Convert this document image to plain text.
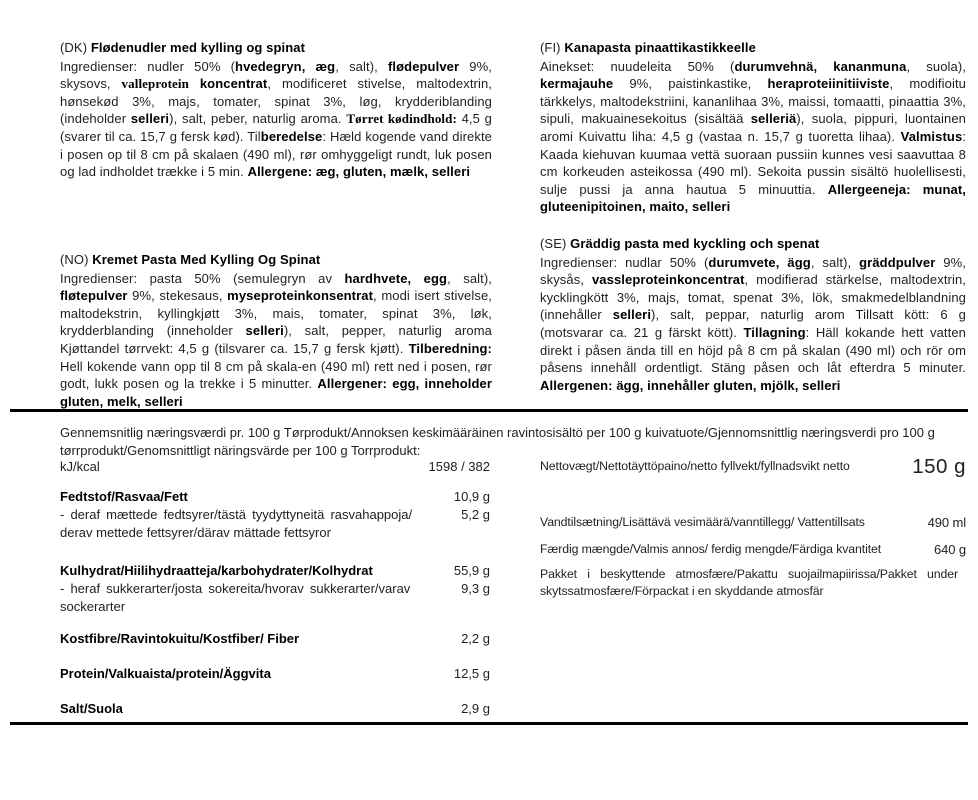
(DK) Flødenudler med kylling og spinat
Ingredienser: nudler 50% (hvedegryn, æg, salt), flødepulver 9%, skysovs, valleprotein koncentrat, modificeret stivelse, maltodextrin, hønsekød 3%, majs, tomater, spinat 3%, løg, krydderiblanding (indeholder selleri), salt, peber, naturlig aroma. Tørret kødindhold: 4,5 g (svarer til ca. 15,7 g fersk kød). Tilberedelse: Hæld kogende vand direkte i posen op til 8 cm på skalaen (490 ml), rør omhyggeligt rundt, luk posen og lad indholdet trække i 5 min. Allergene: æg, gluten, mælk, selleri
(FI) Kanapasta pinaattikastikkeelle
Ainekset: nuudeleita 50% (durumvehnä, kananmuna, suola), kermajauhe 9%, paistinkastike, heraproteiinitiiviste, modifioitu tärkkelys, maltodekstriini, kananlihaa 3%, maissi, tomaatti, pinaattia 3%, sipuli, makuainesekoitus (sisältää selleriä), suola, pippuri, luontainen aromi Kuivattu liha: 4,5 g (vastaa n. 15,7 g tuoretta lihaa). Valmistus: Kaada kiehuvan kuumaa vettä suoraan pussiin kunnes vesi saavuttaa 8 cm korkeuden asteikossa (490 ml). Sekoita pussin sisältö huolellisesti, sulje pussi ja anna hautua 5 minuuttia. Allergeeneja: munat, gluteenipitoinen, maito, selleri
(NO) Kremet Pasta Med Kylling Og Spinat
Ingredienser: pasta 50% (semulegryn av hardhvete, egg, salt), fløtepulver 9%, stekesaus, myseproteinkonsentrat, modi isert stivelse, maltodekstrin, kyllingkjøtt 3%, mais, tomater, spinat 3%, løk, krydderblanding (inneholder selleri), salt, pepper, naturlig aroma Kjøttandel tørrvekt: 4,5 g (tilsvarer ca. 15,7 g fersk kjøtt). Tilberedning: Hell kokende vann opp til 8 cm på skala-en (490 ml) rett ned i posen, rør godt, lukk posen og la trekke i 5 minutter. Allergener: egg, inneholder gluten, melk, selleri
(SE) Gräddig pasta med kyckling och spenat
Ingredienser: nudlar 50% (durumvete, ägg, salt), gräddpulver 9%, skysås, vassleproteinkoncentrat, modifierad stärkelse, maltodextrin, kycklingkött 3%, majs, tomat, spenat 3%, lök, smakmedelblandning (innehåller selleri), salt, peppar, naturlig arom Tillsatt kött: 6 g (motsvarar ca. 21 g färskt kött). Tillagning: Häll kokande hett vatten direkt i påsen ända till en höjd på 8 cm på skalan (490 ml) och rör om påsens innehåll ordentligt. Stäng påsen och låt efterdra 5 minuter. Allergenen: ägg, innehåller gluten, mjölk, selleri
Gennemsnitlig næringsværdi pr. 100 g Tørprodukt/Annoksen keskimääräinen ravintosisältö per 100 g kuivatuote/Gjennomsnittlig næringsverdi pro 100 g tørrprodukt/Genomsnittligt näringsvärde per 100 g Torrprodukt:
kJ/kcal	1598 / 382
Fedtstof/Rasvaa/Fett	10,9 g
- deraf mættede fedtsyrer/tästä tyydyttyneitä rasvahappoja/	5,2 g
derav mettede fettsyrer/därav mättade fettsyror
Kulhydrat/Hiilihydraatteja/karbohydrater/Kolhydrat	55,9 g
- heraf sukkerarter/josta sokereita/hvorav sukkerarter/varav	9,3 g
sockerarter
Kostfibre/Ravintokuitu/Kostfiber/ Fiber	2,2 g
Protein/Valkuaista/protein/Äggvita	12,5 g
Salt/Suola	2,9 g
Nettovægt/Nettotäyttöpaino/netto fyllvekt/fyllnadsvikt netto	150 g
Vandtilsætning/Lisättävä vesimäärä/vanntillegg/ Vattentillsats	490 ml
Færdig mængde/Valmis annos/ ferdig mengde/Färdiga kvantitet	640 g
Pakket i beskyttende atmosfære/Pakattu suojailmapiirissa/Pakket under skytssatmosfære/Förpackat i en skyddande atmosfär
